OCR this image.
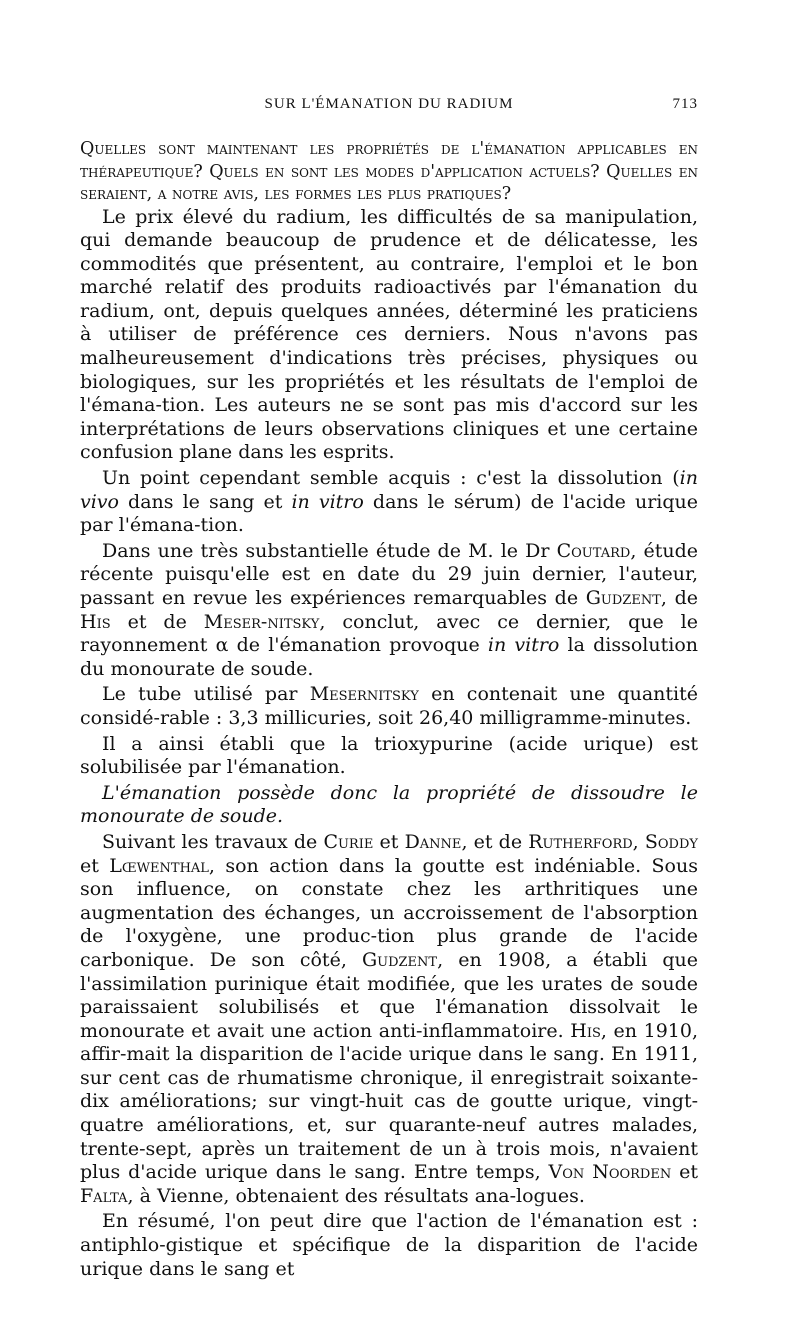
SUR L'ÉMANATION DU RADIUM	713
Quelles sont maintenant les propriétés de l'émanation applicables en thérapeutique? Quels en sont les modes d'application actuels? Quelles en seraient, a notre avis, les formes les plus pratiques?

Le prix élevé du radium, les difficultés de sa manipulation, qui demande beaucoup de prudence et de délicatesse, les commodités que présentent, au contraire, l'emploi et le bon marché relatif des produits radioactivés par l'émanation du radium, ont, depuis quelques années, déterminé les praticiens à utiliser de préférence ces derniers. Nous n'avons pas malheureusement d'indications très précises, physiques ou biologiques, sur les propriétés et les résultats de l'emploi de l'émana-tion. Les auteurs ne se sont pas mis d'accord sur les interprétations de leurs observations cliniques et une certaine confusion plane dans les esprits.

Un point cependant semble acquis : c'est la dissolution (in vivo dans le sang et in vitro dans le sérum) de l'acide urique par l'émana-tion.

Dans une très substantielle étude de M. le Dr Coutard, étude récente puisqu'elle est en date du 29 juin dernier, l'auteur, passant en revue les expériences remarquables de Gudzent, de His et de Meser-nitsky, conclut, avec ce dernier, que le rayonnement α de l'émanation provoque in vitro la dissolution du monourate de soude.

Le tube utilisé par Mesernitsky en contenait une quantité considé-rable : 3,3 millicuries, soit 26,40 milligramme-minutes.

Il a ainsi établi que la trioxypurine (acide urique) est solubilisée par l'émanation.

L'émanation possède donc la propriété de dissoudre le monourate de soude.

Suivant les travaux de Curie et Danne, et de Rutherford, Soddy et Lœwenthal, son action dans la goutte est indéniable. Sous son influence, on constate chez les arthritiques une augmentation des échanges, un accroissement de l'absorption de l'oxygène, une produc-tion plus grande de l'acide carbonique. De son côté, Gudzent, en 1908, a établi que l'assimilation purinique était modifiée, que les urates de soude paraissaient solubilisés et que l'émanation dissolvait le monourate et avait une action anti-inflammatoire. His, en 1910, affir-mait la disparition de l'acide urique dans le sang. En 1911, sur cent cas de rhumatisme chronique, il enregistrait soixante-dix améliorations; sur vingt-huit cas de goutte urique, vingt-quatre améliorations, et, sur quarante-neuf autres malades, trente-sept, après un traitement de un à trois mois, n'avaient plus d'acide urique dans le sang. Entre temps, Von Noorden et Falta, à Vienne, obtenaient des résultats ana-logues.

En résumé, l'on peut dire que l'action de l'émanation est : antiphlo-gistique et spécifique de la disparition de l'acide urique dans le sang et
